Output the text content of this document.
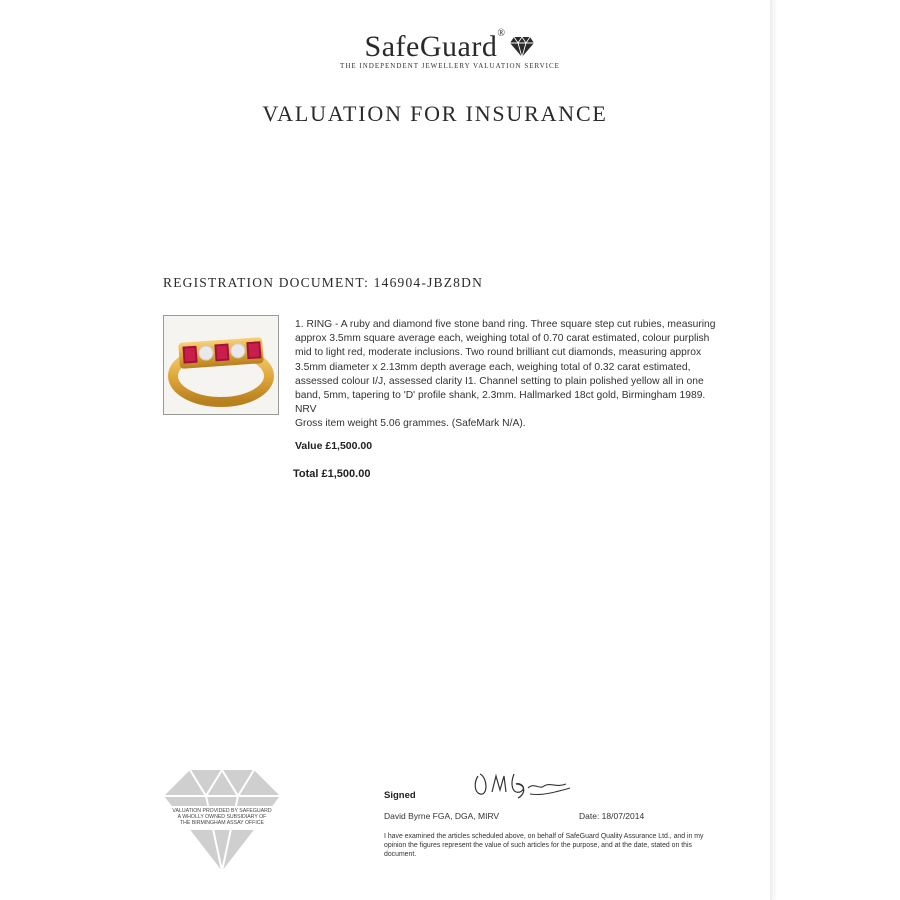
SafeGuard®
THE INDEPENDENT JEWELLERY VALUATION SERVICE
VALUATION FOR INSURANCE
REGISTRATION DOCUMENT: 146904-JBZ8DN
1. RING - A ruby and diamond five stone band ring. Three square step cut rubies, measuring approx 3.5mm square average each, weighing total of 0.70 carat estimated, colour purplish mid to light red, moderate inclusions. Two round brilliant cut diamonds, measuring approx 3.5mm diameter x 2.13mm depth average each, weighing total of 0.32 carat estimated, assessed colour I/J, assessed clarity I1. Channel setting to plain polished yellow all in one band, 5mm, tapering to 'D' profile shank, 2.3mm. Hallmarked 18ct gold, Birmingham 1989. NRV
Gross item weight 5.06 grammes. (SafeMark N/A).
Value £1,500.00
Total £1,500.00
VALUATION PROVIDED BY SAFEGUARD
A WHOLLY OWNED SUBSIDIARY OF
THE BIRMINGHAM ASSAY OFFICE
Signed
David Byrne FGA, DGA, MIRV	Date: 18/07/2014
I have examined the articles scheduled above, on behalf of SafeGuard Quality Assurance Ltd., and in my opinion the figures represent the value of such articles for the purpose, and at the date, stated on this document.
